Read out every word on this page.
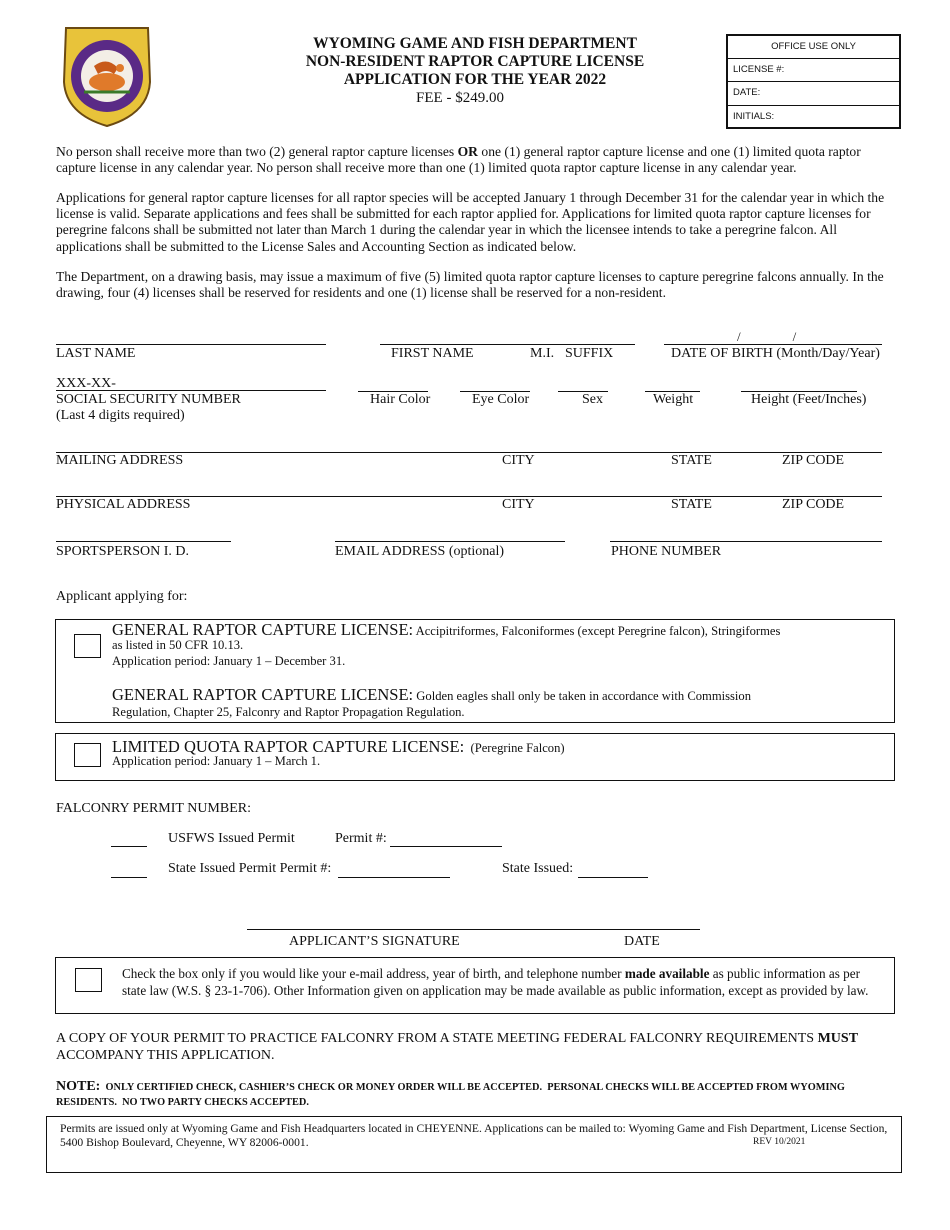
WYOMING GAME AND FISH DEPARTMENT
NON-RESIDENT RAPTOR CAPTURE LICENSE
APPLICATION FOR THE YEAR 2022
FEE - $249.00
OFFICE USE ONLY
LICENSE #:
DATE:
INITIALS:
No person shall receive more than two (2) general raptor capture licenses OR one (1) general raptor capture license and one (1) limited quota raptor capture license in any calendar year. No person shall receive more than one (1) limited quota raptor capture license in any calendar year.
Applications for general raptor capture licenses for all raptor species will be accepted January 1 through December 31 for the calendar year in which the license is valid. Separate applications and fees shall be submitted for each raptor applied for. Applications for limited quota raptor capture licenses for peregrine falcons shall be submitted not later than March 1 during the calendar year in which the licensee intends to take a peregrine falcon. All applications shall be submitted to the License Sales and Accounting Section as indicated below.
The Department, on a drawing basis, may issue a maximum of five (5) limited quota raptor capture licenses to capture peregrine falcons annually. In the drawing, four (4) licenses shall be reserved for residents and one (1) license shall be reserved for a non-resident.
/                /
LAST NAME	FIRST NAME	M.I. SUFFIX	DATE OF BIRTH (Month/Day/Year)
XXX-XX-
SOCIAL SECURITY NUMBER
(Last 4 digits required)
Hair Color	Eye Color	Sex	Weight	Height (Feet/Inches)
MAILING ADDRESS	CITY	STATE	ZIP CODE
PHYSICAL ADDRESS	CITY	STATE	ZIP CODE
SPORTSPERSON I. D.	EMAIL ADDRESS (optional)	PHONE NUMBER
Applicant applying for:
GENERAL RAPTOR CAPTURE LICENSE: Accipitriformes, Falconiformes (except Peregrine falcon), Stringiformes as listed in 50 CFR 10.13.
Application period: January 1 – December 31.
GENERAL RAPTOR CAPTURE LICENSE: Golden eagles shall only be taken in accordance with Commission Regulation, Chapter 25, Falconry and Raptor Propagation Regulation.
LIMITED QUOTA RAPTOR CAPTURE LICENSE:  (Peregrine Falcon)
Application period: January 1 – March 1.
FALCONRY PERMIT NUMBER:
USFWS Issued Permit	Permit #:
State Issued Permit Permit #:	State Issued:
APPLICANT’S SIGNATURE	DATE
Check the box only if you would like your e-mail address, year of birth, and telephone number made available as public information as per state law (W.S. § 23-1-706). Other Information given on application may be made available as public information, except as provided by law.
A COPY OF YOUR PERMIT TO PRACTICE FALCONRY FROM A STATE MEETING FEDERAL FALCONRY REQUIREMENTS MUST ACCOMPANY THIS APPLICATION.
NOTE:  ONLY CERTIFIED CHECK, CASHIER’S CHECK OR MONEY ORDER WILL BE ACCEPTED.  PERSONAL CHECKS WILL BE ACCEPTED FROM WYOMING RESIDENTS.  NO TWO PARTY CHECKS ACCEPTED.
Permits are issued only at Wyoming Game and Fish Headquarters located in CHEYENNE. Applications can be mailed to: Wyoming Game and Fish Department, License Section, 5400 Bishop Boulevard, Cheyenne, WY 82006-0001.	REV 10/2021
